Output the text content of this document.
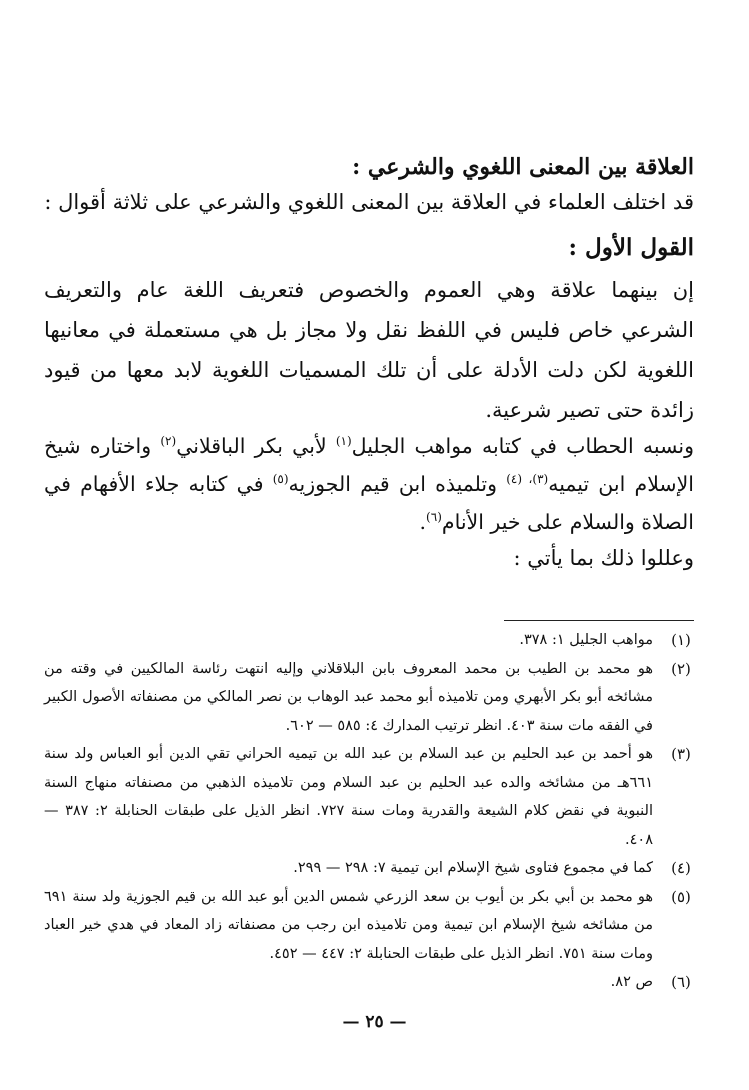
العلاقة بين المعنى اللغوي والشرعي :
قد اختلف العلماء في العلاقة بين المعنى اللغوي والشرعي على ثلاثة أقوال :
القول الأول :
إن بينهما علاقة وهي العموم والخصوص فتعريف اللغة عام والتعريف الشرعي خاص فليس في اللفظ نقل ولا مجاز بل هي مستعملة في معانيها اللغوية لكن دلت الأدلة على أن تلك المسميات اللغوية لابد معها من قيود زائدة حتى تصير شرعية.
ونسبه الحطاب في كتابه مواهب الجليل$^{(١)}$ لأبي بكر الباقلاني$^{(٢)}$ واختاره شيخ الإسلام ابن تيميه$^{(٣)، (٤)}$ وتلميذه ابن قيم الجوزيه$^{(٥)}$ في كتابه جلاء الأفهام في الصلاة والسلام على خير الأنام$^{(٦)}$.
وعللوا ذلك بما يأتي :
(١)
مواهب الجليل ١: ٣٧٨.
(٢)
هو محمد بن الطيب بن محمد المعروف بابن البلاقلاني وإليه انتهت رئاسة المالكيين في وقته من مشائخه أبو بكر الأبهري ومن تلاميذه أبو محمد عبد الوهاب بن نصر المالكي من مصنفاته الأصول الكبير في الفقه مات سنة ٤٠٣. انظر ترتيب المدارك ٤: ٥٨٥ — ٦٠٢.
(٣)
هو أحمد بن عبد الحليم بن عبد السلام بن عبد الله بن تيميه الحراني تقي الدين أبو العباس ولد سنة ٦٦١هـ من مشائخه والده عبد الحليم بن عبد السلام ومن تلاميذه الذهبي من مصنفاته منهاج السنة النبوية في نقض كلام الشيعة والقدرية ومات سنة ٧٢٧. انظر الذيل على طبقات الحنابلة ٢: ٣٨٧ — ٤٠٨.
(٤)
كما في مجموع فتاوى شيخ الإسلام ابن تيمية ٧: ٢٩٨ — ٢٩٩.
(٥)
هو محمد بن أبي بكر بن أيوب بن سعد الزرعي شمس الدين أبو عبد الله بن قيم الجوزية ولد سنة ٦٩١ من مشائخه شيخ الإسلام ابن تيمية ومن تلاميذه ابن رجب من مصنفاته زاد المعاد في هدي خير العباد ومات سنة ٧٥١. انظر الذيل على طبقات الحنابلة ٢: ٤٤٧ — ٤٥٢.
(٦)
ص ٨٢.
— ٢٥ —
